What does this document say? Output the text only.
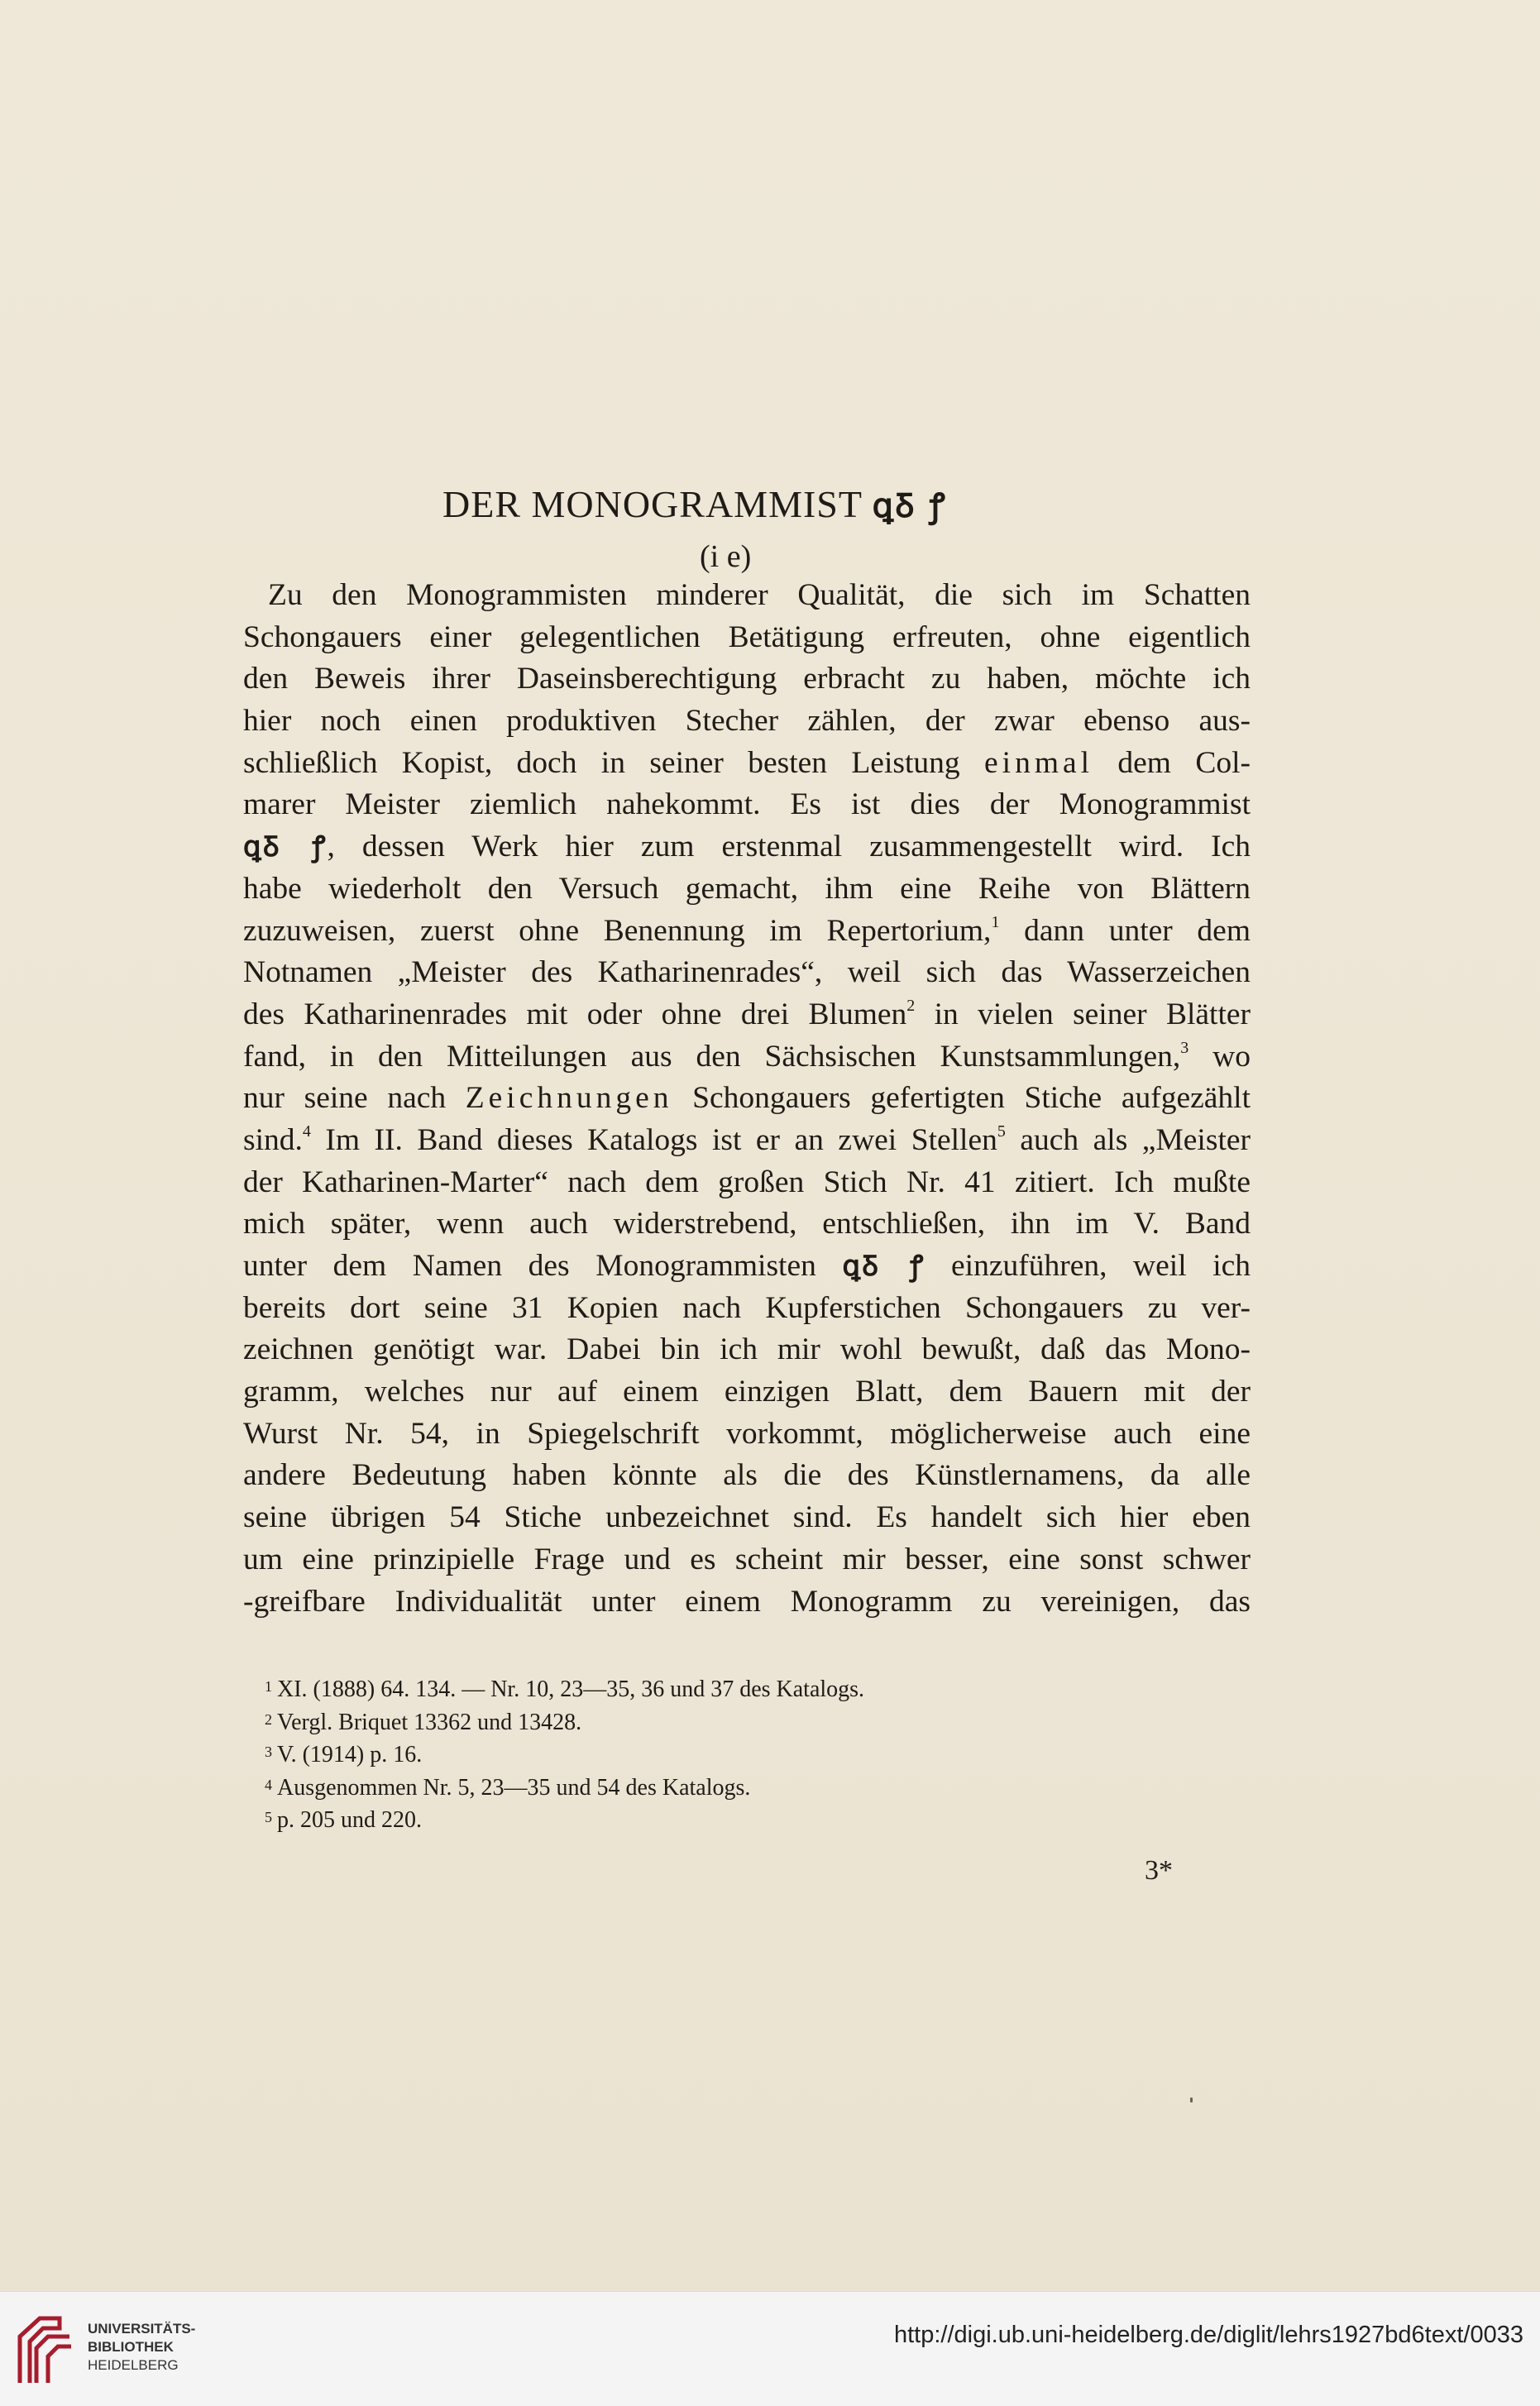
DER MONOGRAMMIST ꝗꝽ ꝭ
(i e)
Zu den Monogrammisten minderer Qualität, die sich im Schatten
Schongauers einer gelegentlichen Betätigung erfreuten, ohne eigentlich
den Beweis ihrer Daseinsberechtigung erbracht zu haben, möchte ich
hier noch einen produktiven Stecher zählen, der zwar ebenso aus-
schließlich Kopist, doch in seiner besten Leistung einmal dem Col-
marer Meister ziemlich nahekommt. Es ist dies der Monogrammist
ꝗꝽ ꝭ, dessen Werk hier zum erstenmal zusammengestellt wird. Ich
habe wiederholt den Versuch gemacht, ihm eine Reihe von Blättern
zuzuweisen, zuerst ohne Benennung im Repertorium,$^1$ dann unter dem
Notnamen „Meister des Katharinenrades“, weil sich das Wasserzeichen
des Katharinenrades mit oder ohne drei Blumen$^2$ in vielen seiner Blätter
fand, in den Mitteilungen aus den Sächsischen Kunstsammlungen,$^3$ wo
nur seine nach Zeichnungen Schongauers gefertigten Stiche aufgezählt
sind.$^4$ Im II. Band dieses Katalogs ist er an zwei Stellen$^5$ auch als „Meister
der Katharinen-Marter“ nach dem großen Stich Nr. 41 zitiert. Ich mußte
mich später, wenn auch widerstrebend, entschließen, ihn im V. Band
unter dem Namen des Monogrammisten ꝗꝽ ꝭ einzuführen, weil ich
bereits dort seine 31 Kopien nach Kupferstichen Schongauers zu ver-
zeichnen genötigt war. Dabei bin ich mir wohl bewußt, daß das Mono-
gramm, welches nur auf einem einzigen Blatt, dem Bauern mit der
Wurst Nr. 54, in Spiegelschrift vorkommt, möglicherweise auch eine
andere Bedeutung haben könnte als die des Künstlernamens, da alle
seine übrigen 54 Stiche unbezeichnet sind. Es handelt sich hier eben
um eine prinzipielle Frage und es scheint mir besser, eine sonst schwer
-greifbare Individualität unter einem Monogramm zu vereinigen, das
$^1$ XI. (1888) 64. 134. — Nr. 10, 23—35, 36 und 37 des Katalogs.
$^2$ Vergl. Briquet 13362 und 13428.
$^3$ V. (1914) p. 16.
$^4$ Ausgenommen Nr. 5, 23—35 und 54 des Katalogs.
$^5$ p. 205 und 220.
3*
UNIVERSITÄTS-
BIBLIOTHEK
HEIDELBERG
http://digi.ub.uni-heidelberg.de/diglit/lehrs1927bd6text/0033
